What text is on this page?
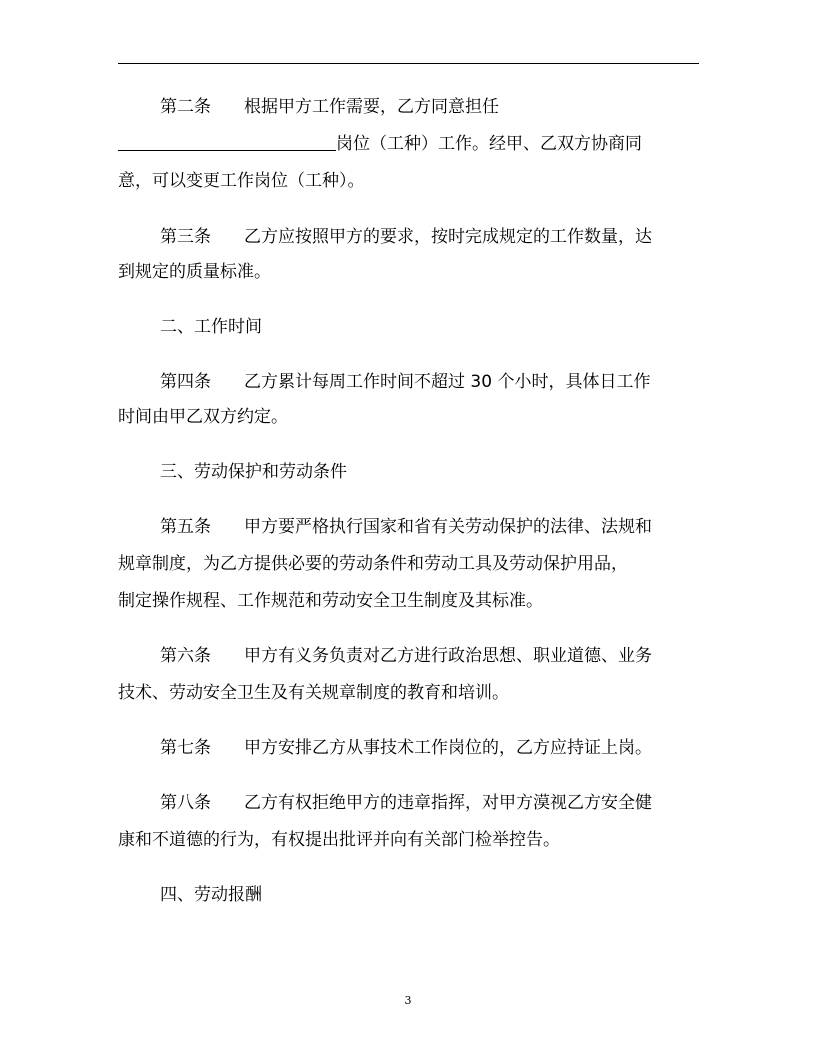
第二条 根据甲方工作需要，乙方同意担任
岗位（工种）工作。经甲、乙双方协商同
意，可以变更工作岗位（工种）。
第三条 乙方应按照甲方的要求，按时完成规定的工作数量，达
到规定的质量标准。
二、工作时间
第四条 乙方累计每周工作时间不超过 30 个小时，具体日工作
时间由甲乙双方约定。
三、劳动保护和劳动条件
第五条 甲方要严格执行国家和省有关劳动保护的法律、法规和
规章制度，为乙方提供必要的劳动条件和劳动工具及劳动保护用品，
制定操作规程、工作规范和劳动安全卫生制度及其标准。
第六条 甲方有义务负责对乙方进行政治思想、职业道德、业务
技术、劳动安全卫生及有关规章制度的教育和培训。
第七条 甲方安排乙方从事技术工作岗位的，乙方应持证上岗。
第八条 乙方有权拒绝甲方的违章指挥，对甲方漠视乙方安全健
康和不道德的行为，有权提出批评并向有关部门检举控告。
四、劳动报酬
3
